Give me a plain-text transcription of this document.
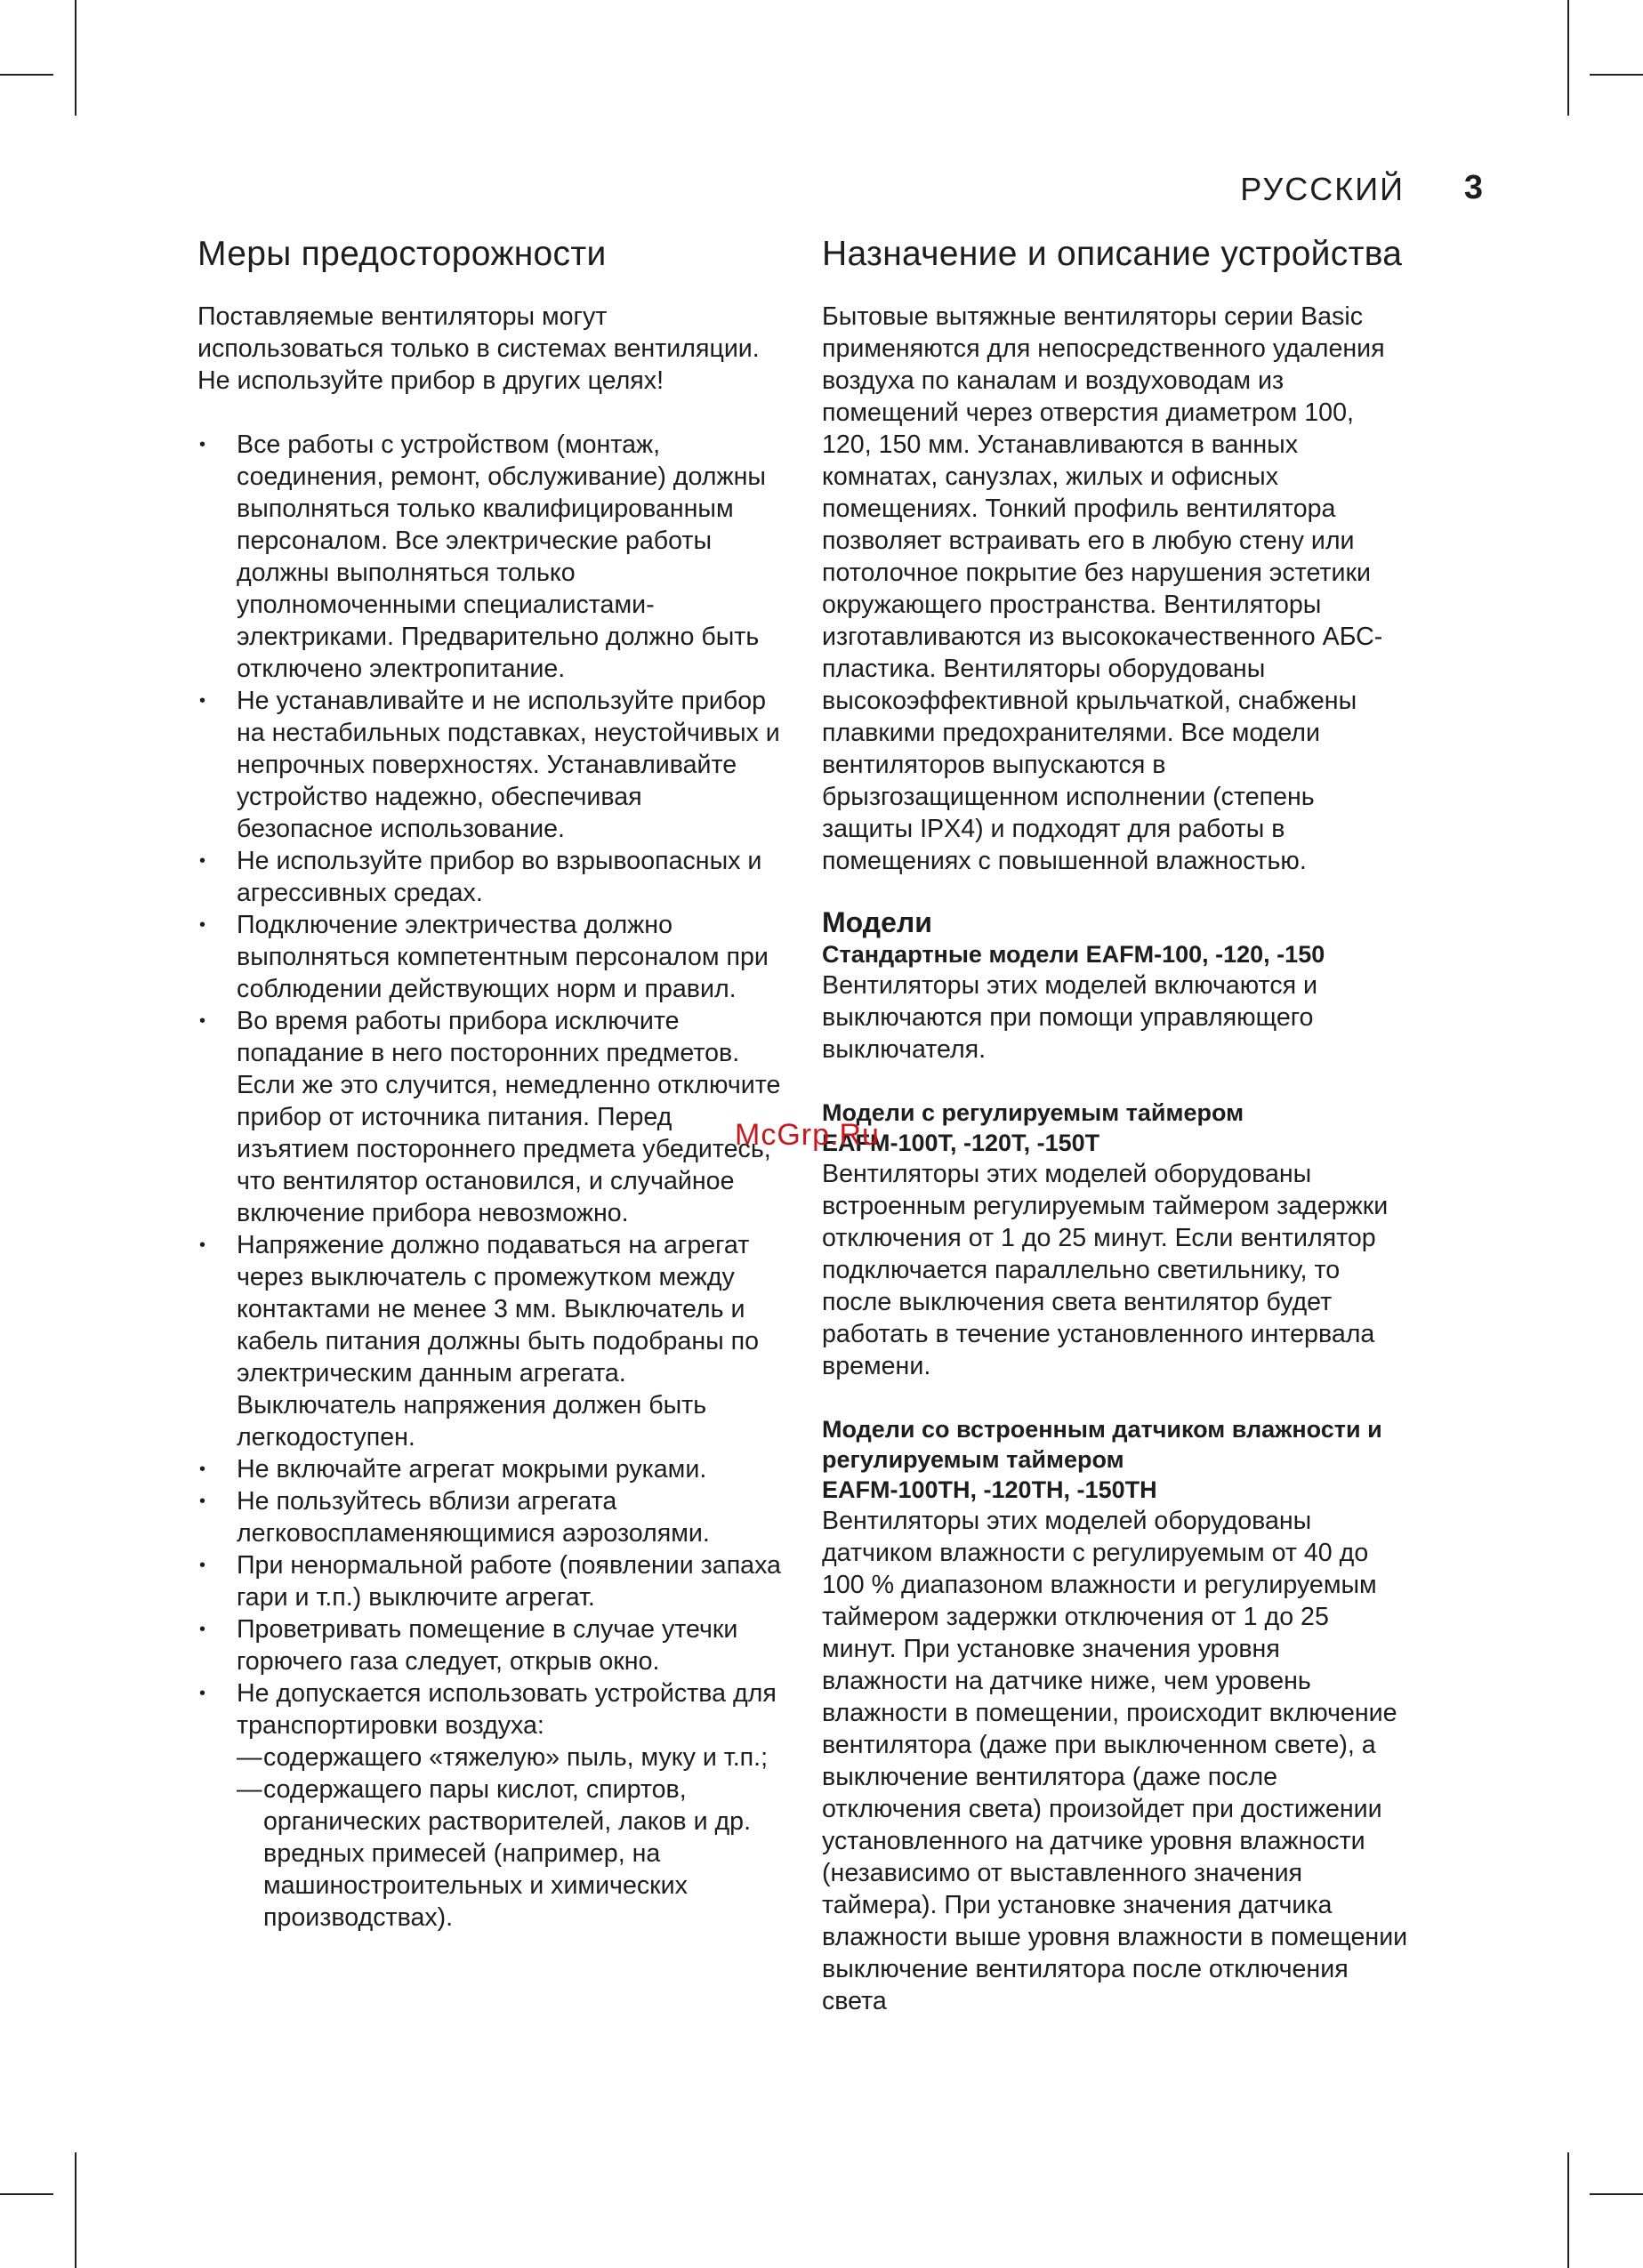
РУССКИЙ 3
Меры предосторожности

Поставляемые вентиляторы могут использоваться только в системах вентиляции. Не используйте прибор в других целях!

• Все работы с устройством (монтаж, соединения, ремонт, обслуживание) должны выполняться только квалифицированным персоналом. Все электрические работы должны выполняться только уполномоченными специалистами-электриками. Предварительно должно быть отключено электропитание.
• Не устанавливайте и не используйте прибор на нестабильных подставках, неустойчивых и непрочных поверхностях. Устанавливайте устройство надежно, обеспечивая безопасное использование.
• Не используйте прибор во взрывоопасных и агрессивных средах.
• Подключение электричества должно выполняться компетентным персоналом при соблюдении действующих норм и правил.
• Во время работы прибора исключите попадание в него посторонних предметов. Если же это случится, немедленно отключите прибор от источника питания. Перед изъятием постороннего предмета убедитесь, что вентилятор остановился, и случайное включение прибора невозможно.
• Напряжение должно подаваться на агрегат через выключатель с промежутком между контактами не менее 3 мм. Выключатель и кабель питания должны быть подобраны по электрическим данным агрегата. Выключатель напряжения должен быть легкодоступен.
• Не включайте агрегат мокрыми руками.
• Не пользуйтесь вблизи агрегата легковоспламеняющимися аэрозолями.
• При ненормальной работе (появлении запаха гари и т.п.) выключите агрегат.
• Проветривать помещение в случае утечки горючего газа следует, открыв окно.
• Не допускается использовать устройства для транспортировки воздуха:
— содержащего «тяжелую» пыль, муку и т.п.;
— содержащего пары кислот, спиртов, органических растворителей, лаков и др. вредных примесей (например, на машиностроительных и химических производствах).
Назначение и описание устройства

Бытовые вытяжные вентиляторы серии Basic применяются для непосредственного удаления воздуха по каналам и воздуховодам из помещений через отверстия диаметром 100, 120, 150 мм. Устанавливаются в ванных комнатах, санузлах, жилых и офисных помещениях. Тонкий профиль вентилятора позволяет встраивать его в любую стену или потолочное покрытие без нарушения эстетики окружающего пространства. Вентиляторы изготавливаются из высококачественного АБС-пластика. Вентиляторы оборудованы высокоэффективной крыльчаткой, снабжены плавкими предохранителями. Все модели вентиляторов выпускаются в брызгозащищенном исполнении (степень защиты IPX4) и подходят для работы в помещениях с повышенной влажностью.

Модели
Стандартные модели EAFM-100, -120, -150

Вентиляторы этих моделей включаются и выключаются при помощи управляющего выключателя.

Модели с регулируемым таймером
EAFM-100T, -120T, -150T

Вентиляторы этих моделей оборудованы встроенным регулируемым таймером задержки отключения от 1 до 25 минут. Если вентилятор подключается параллельно светильнику, то после выключения света вентилятор будет работать в течение установленного интервала времени.

Модели со встроенным датчиком влажности и регулируемым таймером
EAFM-100TH, -120TH, -150TH

Вентиляторы этих моделей оборудованы датчиком влажности с регулируемым от 40 до 100 % диапазоном влажности и регулируемым таймером задержки отключения от 1 до 25 минут. При установке значения уровня влажности на датчике ниже, чем уровень влажности в помещении, происходит включение вентилятора (даже при выключенном свете), а выключение вентилятора (даже после отключения света) произойдет при достижении установленного на датчике уровня влажности (независимо от выставленного значения таймера). При установке значения датчика влажности выше уровня влажности в помещении выключение вентилятора после отключения света

McGrp.Ru
